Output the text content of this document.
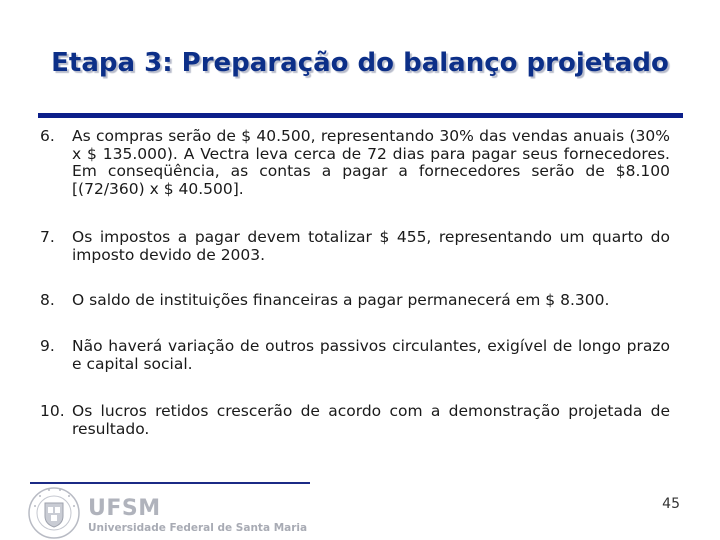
Etapa 3: Preparação do balanço projetado
6. As compras serão de $ 40.500, representando 30% das vendas anuais (30% x $ 135.000). A Vectra leva cerca de 72 dias para pagar seus fornecedores. Em conseqüência, as contas a pagar a fornecedores serão de $8.100 [(72/360) x $ 40.500].
7. Os impostos a pagar devem totalizar $ 455, representando um quarto do imposto devido de 2003.
8. O saldo de instituições financeiras a pagar permanecerá em $ 8.300.
9. Não haverá variação de outros passivos circulantes, exigível de longo prazo e capital social.
10. Os lucros retidos crescerão de acordo com a demonstração projetada de resultado.
UFSM
Universidade Federal de Santa Maria
45
